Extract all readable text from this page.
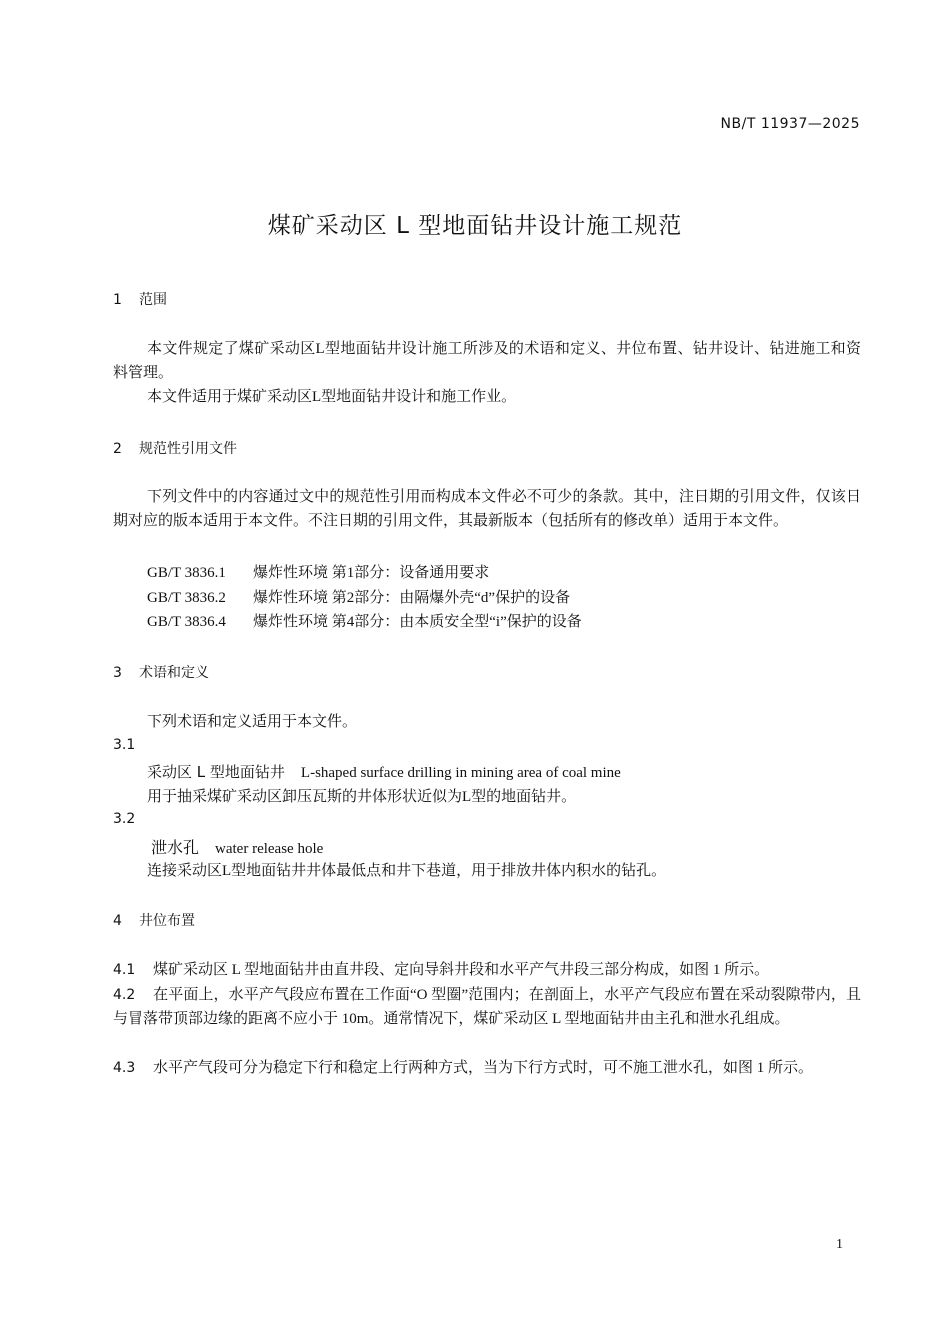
NB/T 11937—2025
煤矿采动区 L 型地面钻井设计施工规范
1 范围
本文件规定了煤矿采动区L型地面钻井设计施工所涉及的术语和定义、井位布置、钻井设计、钻进施工和资料管理。
本文件适用于煤矿采动区L型地面钻井设计和施工作业。
2 规范性引用文件
下列文件中的内容通过文中的规范性引用而构成本文件必不可少的条款。其中，注日期的引用文件，仅该日期对应的版本适用于本文件。不注日期的引用文件，其最新版本（包括所有的修改单）适用于本文件。
GB/T 3836.1 爆炸性环境 第1部分：设备通用要求
GB/T 3836.2 爆炸性环境 第2部分：由隔爆外壳“d”保护的设备
GB/T 3836.4 爆炸性环境 第4部分：由本质安全型“i”保护的设备
3 术语和定义
下列术语和定义适用于本文件。
3.1
采动区 L 型地面钻井 L-shaped surface drilling in mining area of coal mine
用于抽采煤矿采动区卸压瓦斯的井体形状近似为L型的地面钻井。
3.2
泄水孔 water release hole
连接采动区L型地面钻井井体最低点和井下巷道，用于排放井体内积水的钻孔。
4 井位布置
4.1 煤矿采动区 L 型地面钻井由直井段、定向导斜井段和水平产气井段三部分构成，如图 1 所示。
4.2 在平面上，水平产气段应布置在工作面“O 型圈”范围内；在剖面上，水平产气段应布置在采动裂隙带内，且与冒落带顶部边缘的距离不应小于 10m。通常情况下，煤矿采动区 L 型地面钻井由主孔和泄水孔组成。
4.3 水平产气段可分为稳定下行和稳定上行两种方式，当为下行方式时，可不施工泄水孔，如图 1 所示。
1
